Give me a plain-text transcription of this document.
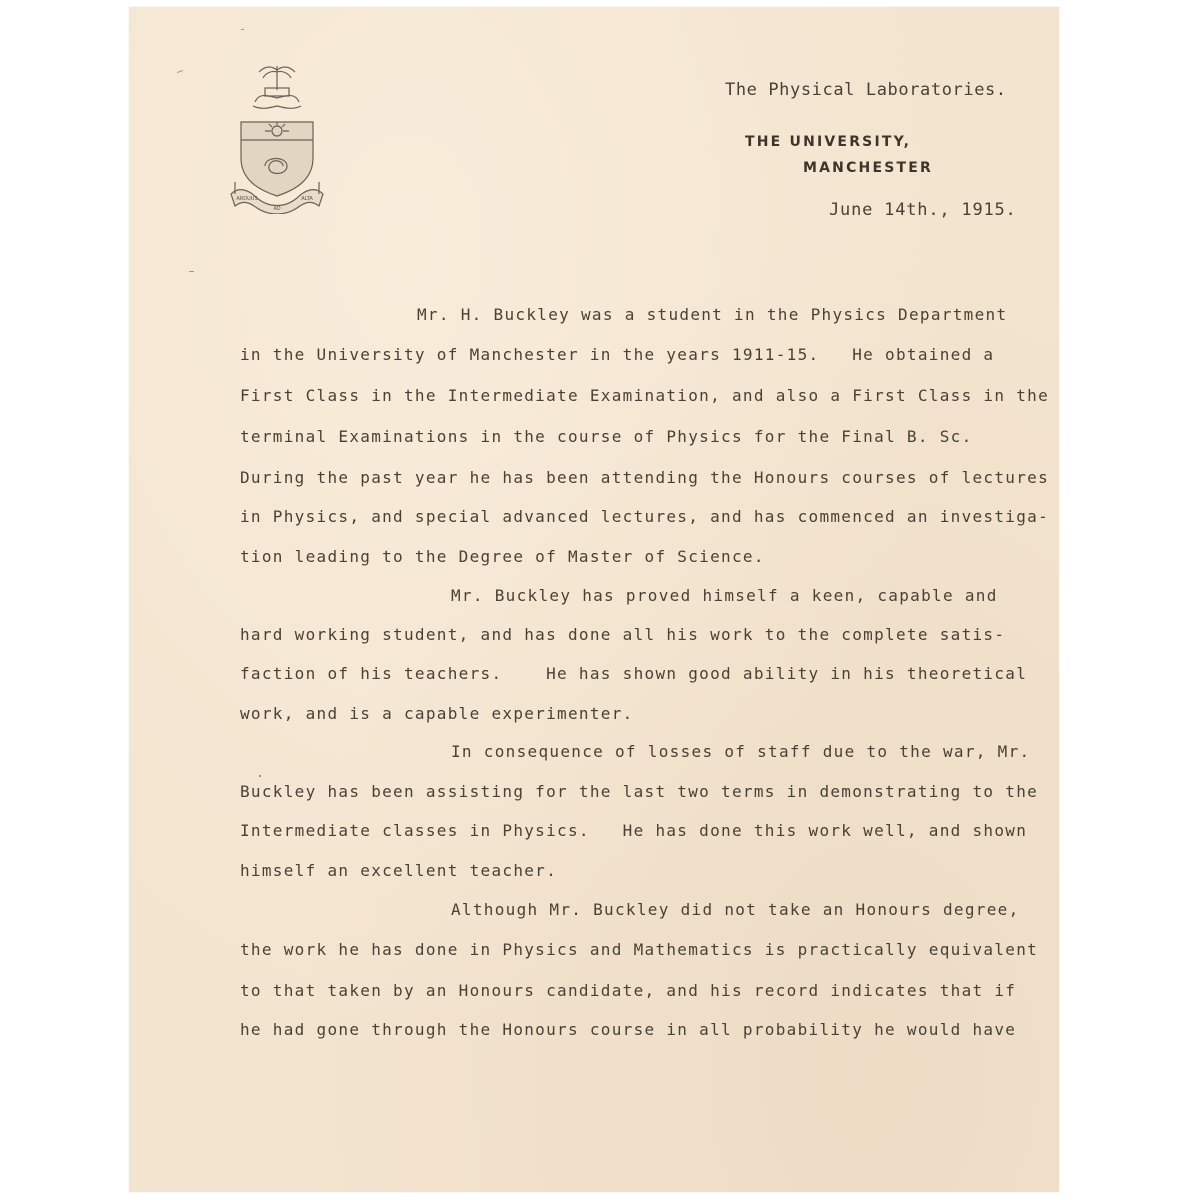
ARDUUS
AD
ALTA
The Physical Laboratories.
THE UNIVERSITY,
MANCHESTER
June 14th., 1915.
Mr. H. Buckley was a student in the Physics Department
in the University of Manchester in the years 1911-15.   He obtained a
First Class in the Intermediate Examination, and also a First Class in the
terminal Examinations in the course of Physics for the Final B. Sc.
During the past year he has been attending the Honours courses of lectures
in Physics, and special advanced lectures, and has commenced an investiga-
tion leading to the Degree of Master of Science.
Mr. Buckley has proved himself a keen, capable and
hard working student, and has done all his work to the complete satis-
faction of his teachers.    He has shown good ability in his theoretical
work, and is a capable experimenter.
In consequence of losses of staff due to the war, Mr.
Buckley has been assisting for the last two terms in demonstrating to the
Intermediate classes in Physics.   He has done this work well, and shown
himself an excellent teacher.
Although Mr. Buckley did not take an Honours degree,
the work he has done in Physics and Mathematics is practically equivalent
to that taken by an Honours candidate, and his record indicates that if
he had gone through the Honours course in all probability he would have
